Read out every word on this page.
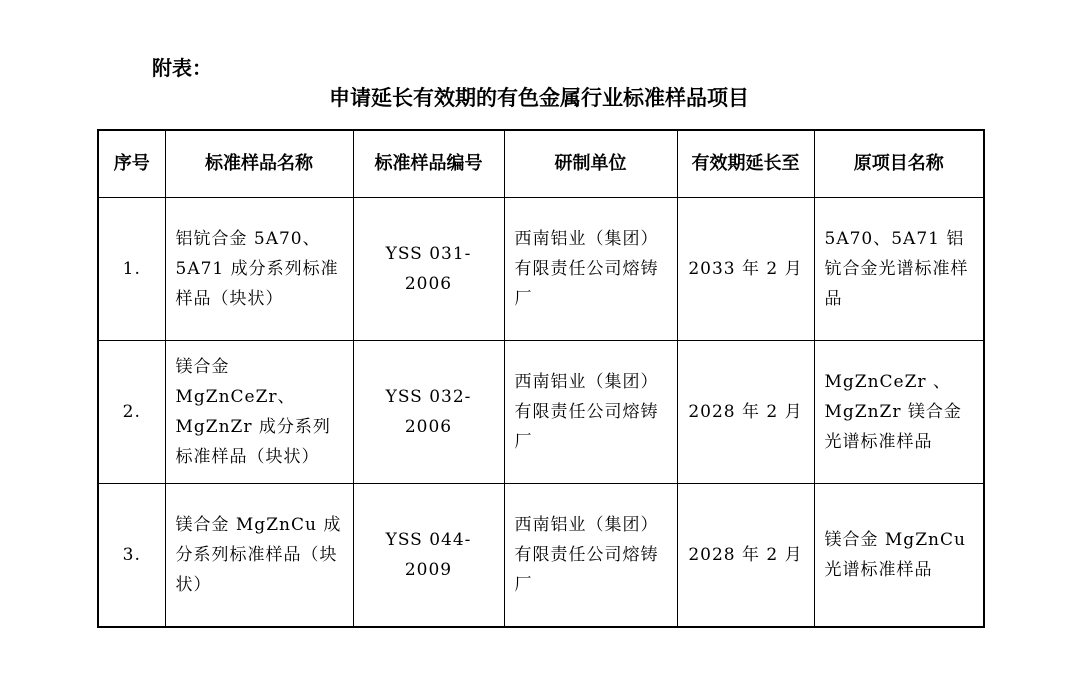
附表：
申请延长有效期的有色金属行业标准样品项目
序号	标准样品名称	标准样品编号	研制单位	有效期延长至	原项目名称
1.	铝钪合金 5A70、5A71 成分系列标准样品（块状）	YSS 031-2006	西南铝业（集团）有限责任公司熔铸厂	2033 年 2 月	5A70、5A71 铝钪合金光谱标准样品
2.	镁合金 MgZnCeZr、MgZnZr 成分系列标准样品（块状）	YSS 032-2006	西南铝业（集团）有限责任公司熔铸厂	2028 年 2 月	MgZnCeZr 、MgZnZr 镁合金光谱标准样品
3.	镁合金 MgZnCu 成分系列标准样品（块状）	YSS 044-2009	西南铝业（集团）有限责任公司熔铸厂	2028 年 2 月	镁合金 MgZnCu 光谱标准样品
